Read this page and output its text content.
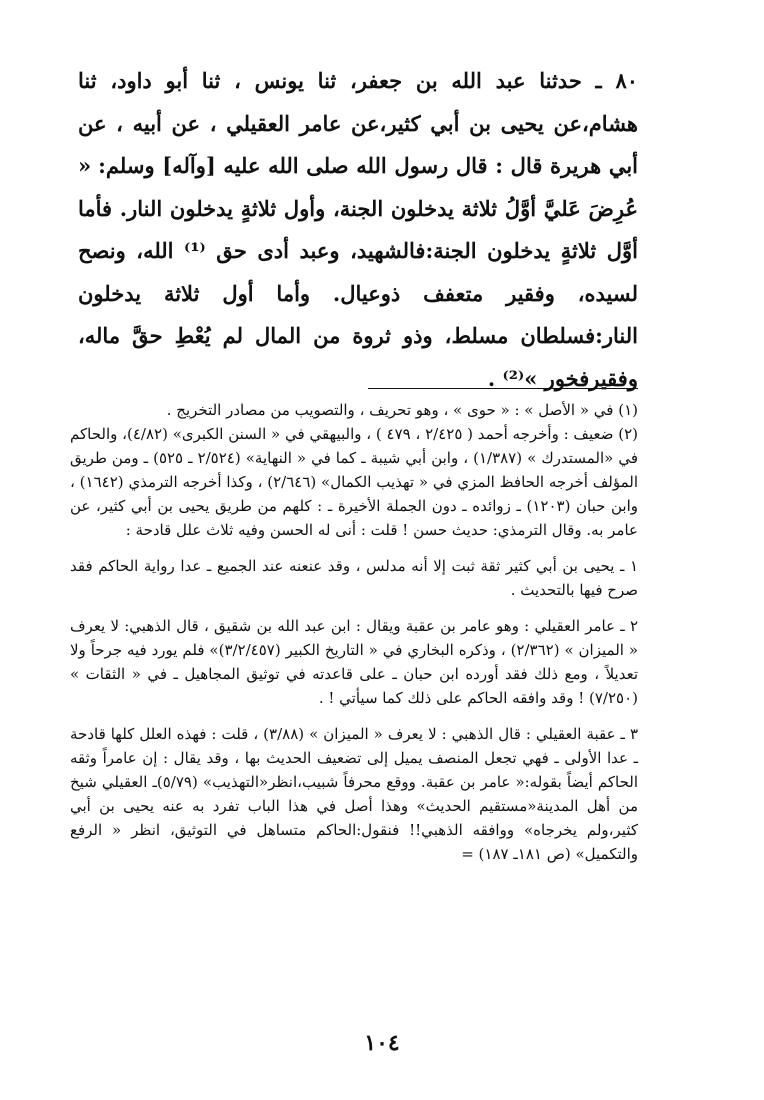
٨٠ ـ حدثنا عبد الله بن جعفر، ثنا يونس ، ثنا أبو داود، ثنا هشام،عن يحيى بن أبي كثير،عن عامر العقيلي ، عن أبيه ، عن أبي هريرة قال : قال رسول الله صلى الله عليه [وآله] وسلم: « عُرِضَ عَليَّ أوَّلُ ثلاثة يدخلون الجنة، وأول ثلاثةٍ يدخلون النار. فأما أوَّل ثلاثةٍ يدخلون الجنة:فالشهيد، وعبد أدى حق ⁽¹⁾ الله، ونصح لسيده، وفقير متعفف ذوعيال. وأما أول ثلاثة يدخلون النار:فسلطان مسلط، وذو ثروة من المال لم يُعْطِ حقَّ ماله، وفقيرفخور »⁽²⁾ .

(١) في « الأصل » : « حوى » ، وهو تحريف ، والتصويب من مصادر التخريج .

(٢) ضعيف : وأخرجه أحمد ( ٢/٤٢٥ ، ٤٧٩ ) ، والبيهقي في « السنن الكبرى» (٤/٨٢)، والحاكم في «المستدرك » (١/٣٨٧) ، وابن أبي شيبة ـ كما في « النهاية» (٢/٥٢٤ ـ ٥٢٥) ـ ومن طريق المؤلف أخرجه الحافظ المزي في « تهذيب الكمال» (٢/٦٤٦) ، وكذا أخرجه الترمذي (١٦٤٢) ، وابن حبان (١٢٠٣) ـ زوائده ـ دون الجملة الأخيرة ـ : كلهم من طريق يحيى بن أبي كثير، عن عامر به. وقال الترمذي: حديث حسن ! قلت : أنى له الحسن وفيه ثلاث علل قادحة :

١ ـ يحيى بن أبي كثير ثقة ثبت إلا أنه مدلس ، وقد عنعنه عند الجميع ـ عدا رواية الحاكم فقد صرح فيها بالتحديث .

٢ ـ عامر العقيلي : وهو عامر بن عقبة ويقال : ابن عبد الله بن شقيق ، قال الذهبي: لا يعرف « الميزان » (٢/٣٦٢) ، وذكره البخاري في « التاريخ الكبير (٣/٢/٤٥٧)» فلم يورد فيه جرحاً ولا تعديلاً ، ومع ذلك فقد أورده ابن حبان ـ على قاعدته في توثيق المجاهيل ـ في « الثقات » (٧/٢٥٠) ! وقد وافقه الحاكم على ذلك كما سيأتي ! .

٣ ـ عقبة العقيلي : قال الذهبي : لا يعرف « الميزان » (٣/٨٨) ، قلت : فهذه العلل كلها قادحة ـ عدا الأولى ـ فهي تجعل المنصف يميل إلى تضعيف الحديث بها ، وقد يقال : إن عامراً وثقه الحاكم أيضاً بقوله:« عامر بن عقبة. ووقع محرفاً شبيب،انظر«التهذيب» (٥/٧٩)ـ العقيلي شيخ من أهل المدينة«مستقيم الحديث» وهذا أصل في هذا الباب تفرد به عنه يحيى بن أبي كثير،ولم يخرجاه» ووافقه الذهبي!! فنقول:الحاكم متساهل في التوثيق، انظر « الرفع والتكميل» (ص ١٨١ـ ١٨٧) =

١٠٤
